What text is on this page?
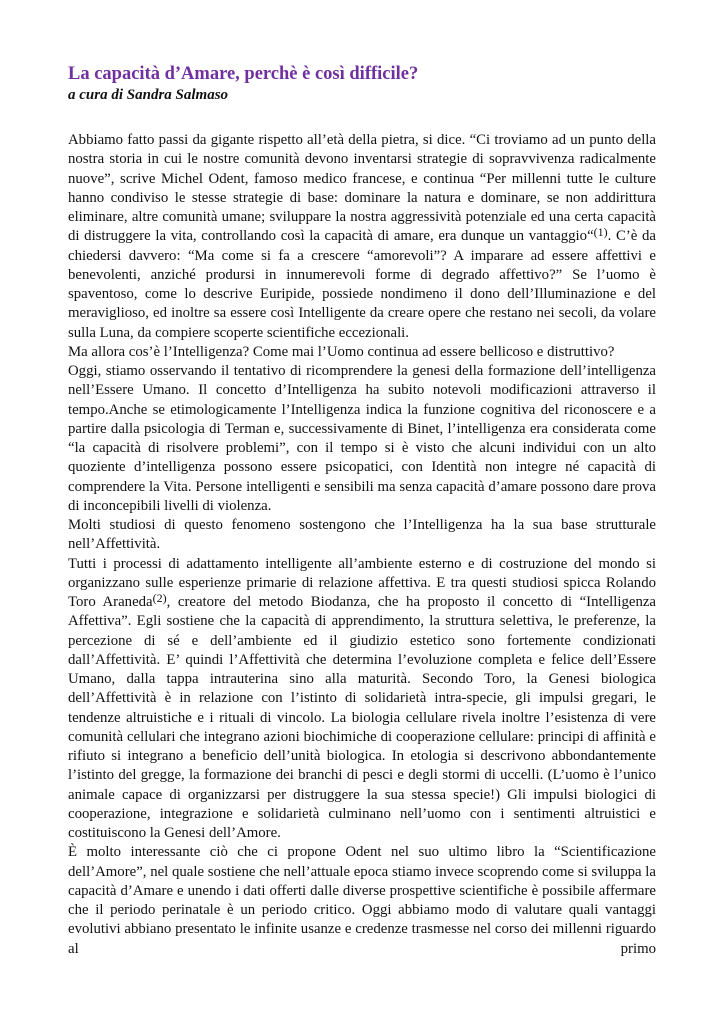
La capacità d’Amare, perchè è così difficile?
a cura di Sandra Salmaso

Abbiamo fatto passi da gigante rispetto all’età della pietra, si dice. “Ci troviamo ad un punto della nostra storia in cui le nostre comunità devono inventarsi strategie di sopravvivenza radicalmente nuove”, scrive Michel Odent, famoso medico francese, e continua “Per millenni tutte le culture hanno condiviso le stesse strategie di base: dominare la natura e dominare, se non addirittura eliminare, altre comunità umane; sviluppare la nostra aggressività potenziale ed una certa capacità di distruggere la vita, controllando così la capacità di amare, era dunque un vantaggio“$^{(1)}$. C’è da chiedersi davvero: “Ma come si fa a crescere “amorevoli”? A imparare ad essere affettivi e benevolenti, anziché prodursi in innumerevoli forme di degrado affettivo?” Se l’uomo è spaventoso, come lo descrive Euripide, possiede nondimeno il dono dell’Illuminazione e del meraviglioso, ed inoltre sa essere così Intelligente da creare opere che restano nei secoli, da volare sulla Luna, da compiere scoperte scientifiche eccezionali.

Ma allora cos’è l’Intelligenza? Come mai l’Uomo continua ad essere bellicoso e distruttivo?

Oggi, stiamo osservando il tentativo di ricomprendere la genesi della formazione dell’intelligenza nell’Essere Umano. Il concetto d’Intelligenza ha subito notevoli modificazioni attraverso il tempo.Anche se etimologicamente l’Intelligenza indica la funzione cognitiva del riconoscere e a partire dalla psicologia di Terman e, successivamente di Binet, l’intelligenza era considerata come “la capacità di risolvere problemi”, con il tempo si è visto che alcuni individui con un alto quoziente d’intelligenza possono essere psicopatici, con Identità non integre né capacità di comprendere la Vita. Persone intelligenti e sensibili ma senza capacità d’amare possono dare prova di inconcepibili livelli di violenza.

Molti studiosi di questo fenomeno sostengono che l’Intelligenza ha la sua base strutturale nell’Affettività.

Tutti i processi di adattamento intelligente all’ambiente esterno e di costruzione del mondo si organizzano sulle esperienze primarie di relazione affettiva. E tra questi studiosi spicca Rolando Toro Araneda$^{(2)}$, creatore del metodo Biodanza, che ha proposto il concetto di “Intelligenza Affettiva”. Egli sostiene che la capacità di apprendimento, la struttura selettiva, le preferenze, la percezione di sé e dell’ambiente ed il giudizio estetico sono fortemente condizionati dall’Affettività. E’ quindi l’Affettività che determina l’evoluzione completa e felice dell’Essere Umano, dalla tappa intrauterina sino alla maturità. Secondo Toro, la Genesi biologica dell’Affettività è in relazione con l’istinto di solidarietà intra-specie, gli impulsi gregari, le tendenze altruistiche e i rituali di vincolo. La biologia cellulare rivela inoltre l’esistenza di vere comunità cellulari che integrano azioni biochimiche di cooperazione cellulare: principi di affinità e rifiuto si integrano a beneficio dell’unità biologica. In etologia si descrivono abbondantemente l’istinto del gregge, la formazione dei branchi di pesci e degli stormi di uccelli. (L’uomo è l’unico animale capace di organizzarsi per distruggere la sua stessa specie!) Gli impulsi biologici di cooperazione, integrazione e solidarietà culminano nell’uomo con i sentimenti altruistici e costituiscono la Genesi dell’Amore.

È molto interessante ciò che ci propone Odent nel suo ultimo libro la “Scientificazione dell’Amore”, nel quale sostiene che nell’attuale epoca stiamo invece scoprendo come si sviluppa la capacità d’Amare e unendo i dati offerti dalle diverse prospettive scientifiche è possibile affermare che il periodo perinatale è un periodo critico. Oggi abbiamo modo di valutare quali vantaggi evolutivi abbiano presentato le infinite usanze e credenze trasmesse nel corso dei millenni riguardo al primo
